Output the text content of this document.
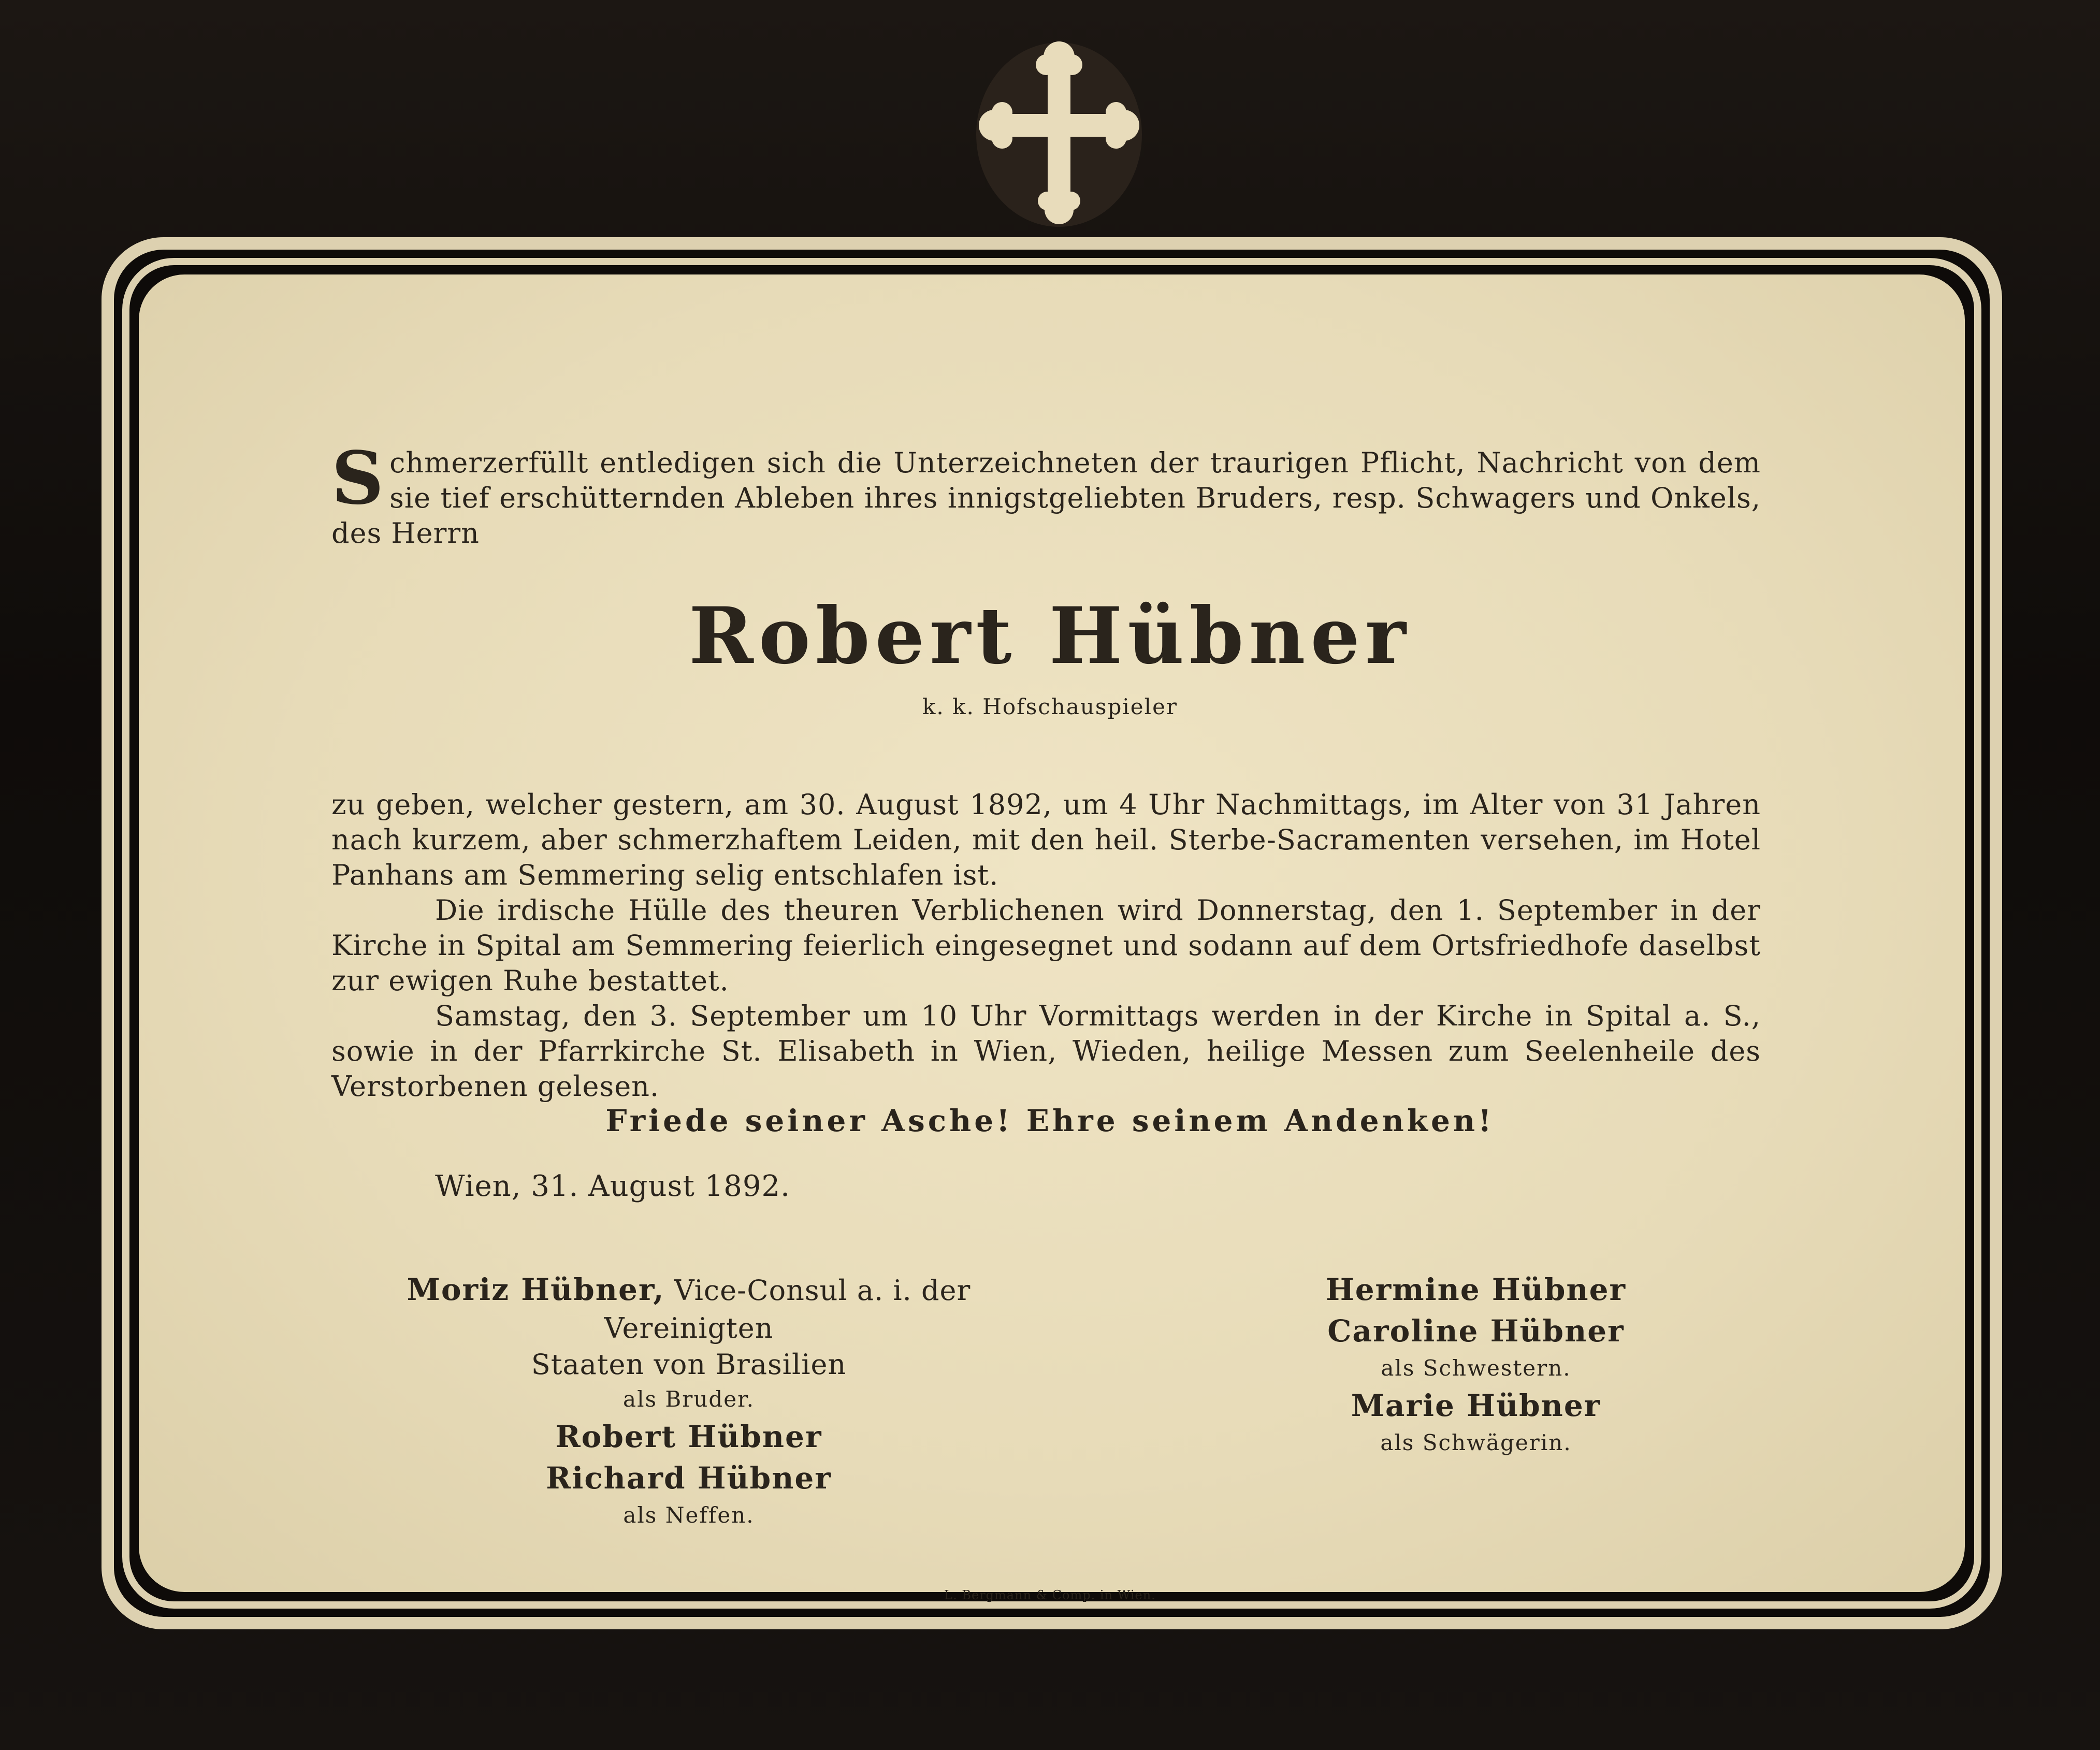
Schmerzerfüllt entledigen sich die Unterzeichneten der traurigen Pflicht, Nachricht von dem sie tief erschütternden Ableben ihres innigstgeliebten Bruders, resp. Schwagers und Onkels, des Herrn
Robert Hübner
k. k. Hofschauspieler
zu geben, welcher gestern, am 30. August 1892, um 4 Uhr Nachmittags, im Alter von 31 Jahren nach kurzem, aber schmerzhaftem Leiden, mit den heil. Sterbe-Sacramenten versehen, im Hotel Panhans am Semmering selig entschlafen ist.
Die irdische Hülle des theuren Verblichenen wird Donnerstag, den 1. September in der Kirche in Spital am Semmering feierlich eingesegnet und sodann auf dem Ortsfriedhofe daselbst zur ewigen Ruhe bestattet.
Samstag, den 3. September um 10 Uhr Vormittags werden in der Kirche in Spital a. S., sowie in der Pfarrkirche St. Elisabeth in Wien, Wieden, heilige Messen zum Seelenheile des Verstorbenen gelesen.
Friede seiner Asche! Ehre seinem Andenken!
Wien, 31. August 1892.
Moriz Hübner, Vice-Consul a. i. der Vereinigten
Staaten von Brasilien
als Bruder.
Robert Hübner
Richard Hübner
als Neffen.
Hermine Hübner
Caroline Hübner
als Schwestern.
Marie Hübner
als Schwägerin.
L. Bergmann & Comp. in Wien.
